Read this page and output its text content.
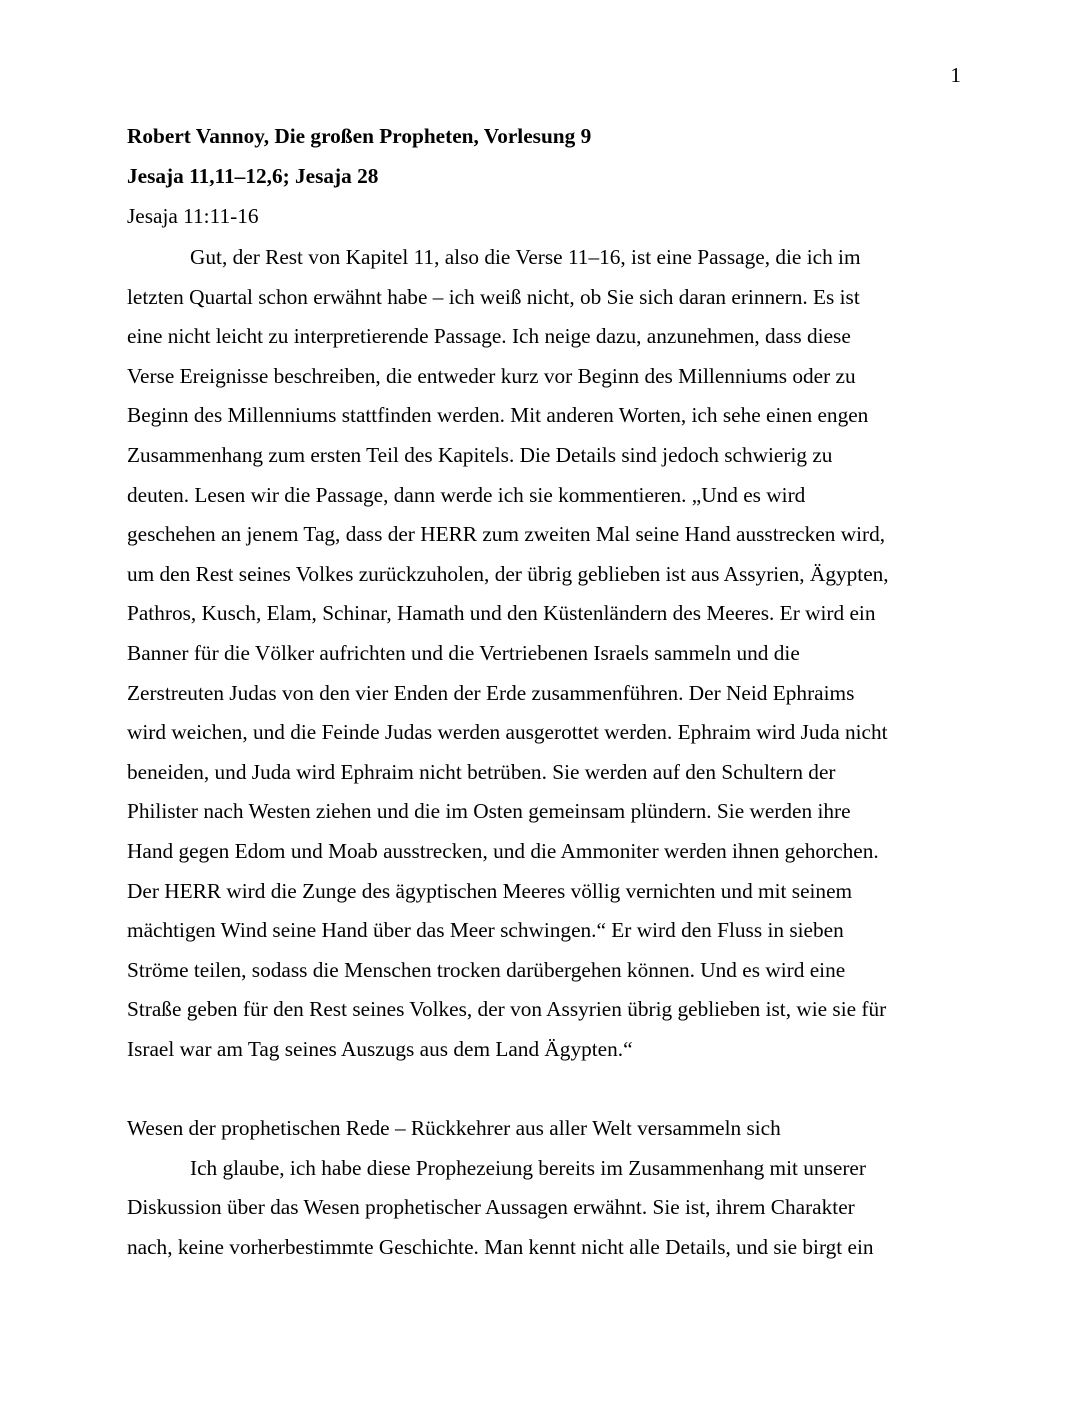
1
Robert Vannoy, Die großen Propheten, Vorlesung 9
Jesaja 11,11–12,6; Jesaja 28
Jesaja 11:11-16
Gut, der Rest von Kapitel 11, also die Verse 11–16, ist eine Passage, die ich im
letzten Quartal schon erwähnt habe – ich weiß nicht, ob Sie sich daran erinnern. Es ist
eine nicht leicht zu interpretierende Passage. Ich neige dazu, anzunehmen, dass diese
Verse Ereignisse beschreiben, die entweder kurz vor Beginn des Millenniums oder zu
Beginn des Millenniums stattfinden werden. Mit anderen Worten, ich sehe einen engen
Zusammenhang zum ersten Teil des Kapitels. Die Details sind jedoch schwierig zu
deuten. Lesen wir die Passage, dann werde ich sie kommentieren. „Und es wird
geschehen an jenem Tag, dass der HERR zum zweiten Mal seine Hand ausstrecken wird,
um den Rest seines Volkes zurückzuholen, der übrig geblieben ist aus Assyrien, Ägypten,
Pathros, Kusch, Elam, Schinar, Hamath und den Küstenländern des Meeres. Er wird ein
Banner für die Völker aufrichten und die Vertriebenen Israels sammeln und die
Zerstreuten Judas von den vier Enden der Erde zusammenführen. Der Neid Ephraims
wird weichen, und die Feinde Judas werden ausgerottet werden. Ephraim wird Juda nicht
beneiden, und Juda wird Ephraim nicht betrüben. Sie werden auf den Schultern der
Philister nach Westen ziehen und die im Osten gemeinsam plündern. Sie werden ihre
Hand gegen Edom und Moab ausstrecken, und die Ammoniter werden ihnen gehorchen.
Der HERR wird die Zunge des ägyptischen Meeres völlig vernichten und mit seinem
mächtigen Wind seine Hand über das Meer schwingen.“ Er wird den Fluss in sieben
Ströme teilen, sodass die Menschen trocken darübergehen können. Und es wird eine
Straße geben für den Rest seines Volkes, der von Assyrien übrig geblieben ist, wie sie für
Israel war am Tag seines Auszugs aus dem Land Ägypten.“
Wesen der prophetischen Rede – Rückkehrer aus aller Welt versammeln sich
Ich glaube, ich habe diese Prophezeiung bereits im Zusammenhang mit unserer
Diskussion über das Wesen prophetischer Aussagen erwähnt. Sie ist, ihrem Charakter
nach, keine vorherbestimmte Geschichte. Man kennt nicht alle Details, und sie birgt ein
